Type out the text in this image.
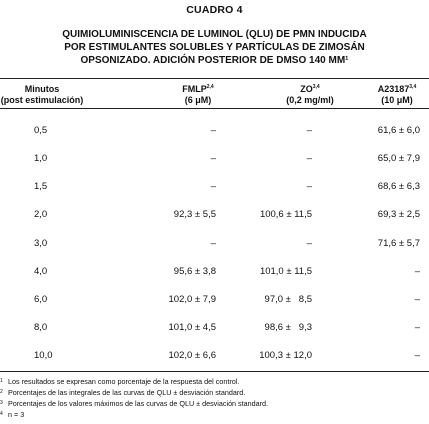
CUADRO 4
QUIMIOLUMINISCENCIA DE LUMINOL (QLU) DE PMN INDUCIDA
POR ESTIMULANTES SOLUBLES Y PARTÍCULAS DE ZIMOSÁN
OPSONIZADO. ADICIÓN POSTERIOR DE DMSO 140 MM¹
Minutos
(post estimulación)
FMLP$^{2,4}$
(6 μM)
ZO$^{3,4}$
(0,2 mg/ml)
A23187$^{3,4}$
(10 μM)
0,5	–	–	61,6 ± 6,0
1,0	–	–	65,0 ± 7,9
1,5	–	–	68,6 ± 6,3
2,0	92,3 ± 5,5	100,6 ± 11,5	69,3 ± 2,5
3,0	–	–	71,6 ± 5,7
4,0	95,6 ± 3,8	101,0 ± 11,5	–
6,0	102,0 ± 7,9	97,0 ±   8,5	–
8,0	101,0 ± 4,5	98,6 ±   9,3	–
10,0	102,0 ± 6,6	100,3 ± 12,0	–
1 Los resultados se expresan como porcentaje de la respuesta del control.
2 Porcentajes de las integrales de las curvas de QLU ± desviación standard.
3 Porcentajes de los valores máximos de las curvas de QLU ± desviación standard.
4 n = 3
